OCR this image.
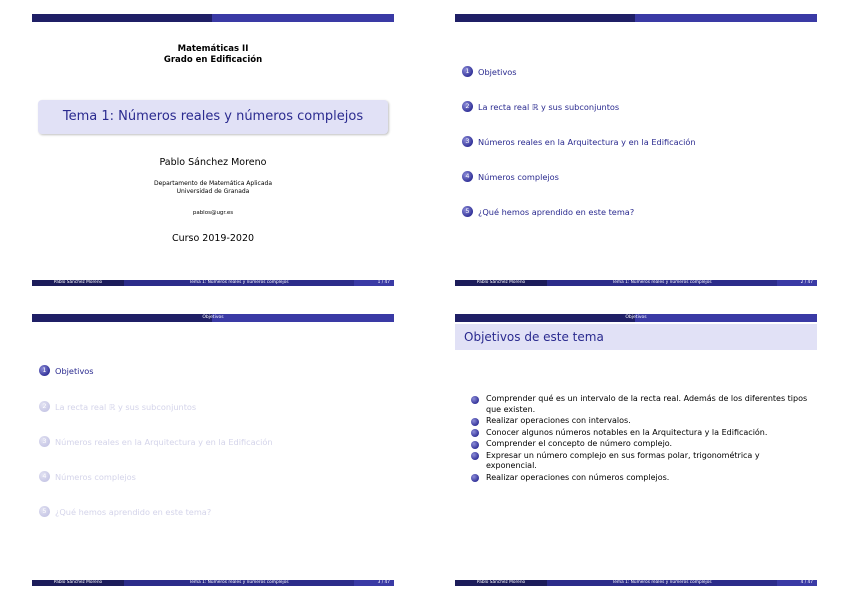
Matemáticas II
Grado en Edificación
Tema 1: Números reales y números complejos
Pablo Sánchez Moreno
Departamento de Matemática Aplicada
Universidad de Granada
pablos@ugr.es
Curso 2019-2020
Pablo Sánchez Moreno	Tema 1: Números reales y números complejos	1 / 47
1	Objetivos
2	La recta real ℝ y sus subconjuntos
3	Números reales en la Arquitectura y en la Edificación
4	Números complejos
5	¿Qué hemos aprendido en este tema?
Pablo Sánchez Moreno	Tema 1: Números reales y números complejos	2 / 47
Objetivos
1	Objetivos
2	La recta real ℝ y sus subconjuntos
3	Números reales en la Arquitectura y en la Edificación
4	Números complejos
5	¿Qué hemos aprendido en este tema?
Pablo Sánchez Moreno	Tema 1: Números reales y números complejos	3 / 47
Objetivos
Objetivos de este tema
Comprender qué es un intervalo de la recta real. Además de los diferentes tipos que existen.
Realizar operaciones con intervalos.
Conocer algunos números notables en la Arquitectura y la Edificación.
Comprender el concepto de número complejo.
Expresar un número complejo en sus formas polar, trigonométrica y exponencial.
Realizar operaciones con números complejos.
Pablo Sánchez Moreno	Tema 1: Números reales y números complejos	4 / 47
